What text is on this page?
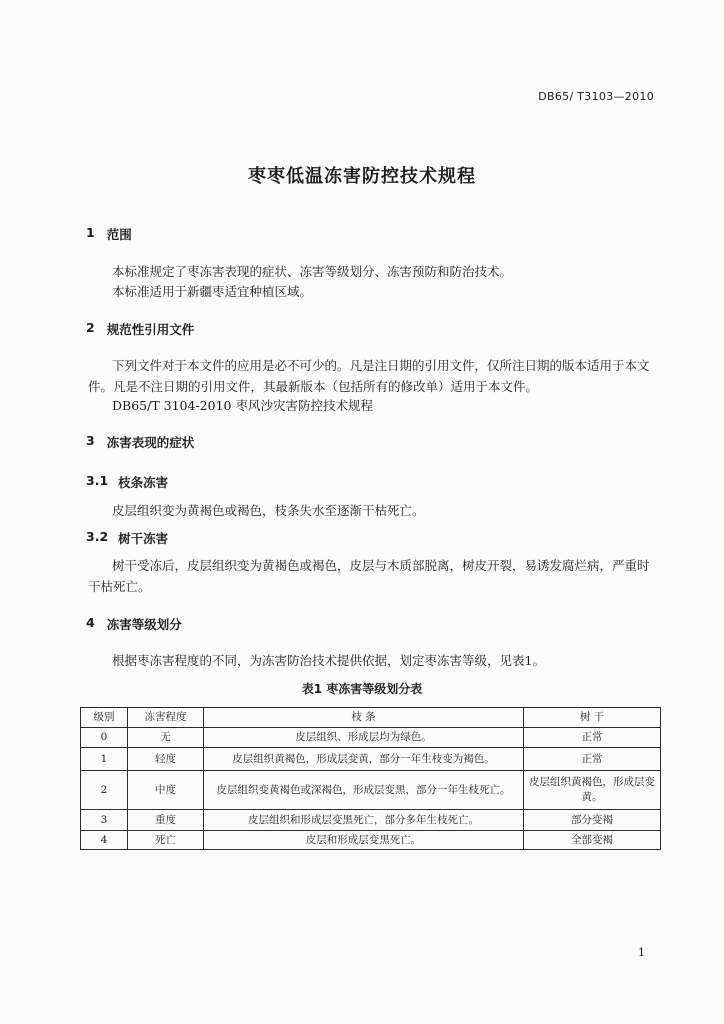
DB65/ T3103—2010
枣枣低温冻害防控技术规程
1 范围
本标准规定了枣冻害表现的症状、冻害等级划分、冻害预防和防治技术。
本标准适用于新疆枣适宜种植区域。
2 规范性引用文件
下列文件对于本文件的应用是必不可少的。凡是注日期的引用文件，仅所注日期的版本适用于本文件。凡是不注日期的引用文件，其最新版本（包括所有的修改单）适用于本文件。
DB65/T 3104-2010 枣风沙灾害防控技术规程
3 冻害表现的症状
3.1 枝条冻害
皮层组织变为黄褐色或褐色，枝条失水至逐渐干枯死亡。
3.2 树干冻害
树干受冻后，皮层组织变为黄褐色或褐色，皮层与木质部脱离，树皮开裂，易诱发腐烂病，严重时干枯死亡。
4 冻害等级划分
根据枣冻害程度的不同，为冻害防治技术提供依据，划定枣冻害等级，见表1。
表1 枣冻害等级划分表
级别	冻害程度	枝 条	树 干
0	无	皮层组织、形成层均为绿色。	正常
1	轻度	皮层组织黄褐色，形成层变黄，部分一年生枝变为褐色。	正常
2	中度	皮层组织变黄褐色或深褐色，形成层变黑，部分一年生枝死亡。	皮层组织黄褐色，形成层变黄。
3	重度	皮层组织和形成层变黑死亡，部分多年生枝死亡。	部分变褐
4	死亡	皮层和形成层变黑死亡。	全部变褐
1
